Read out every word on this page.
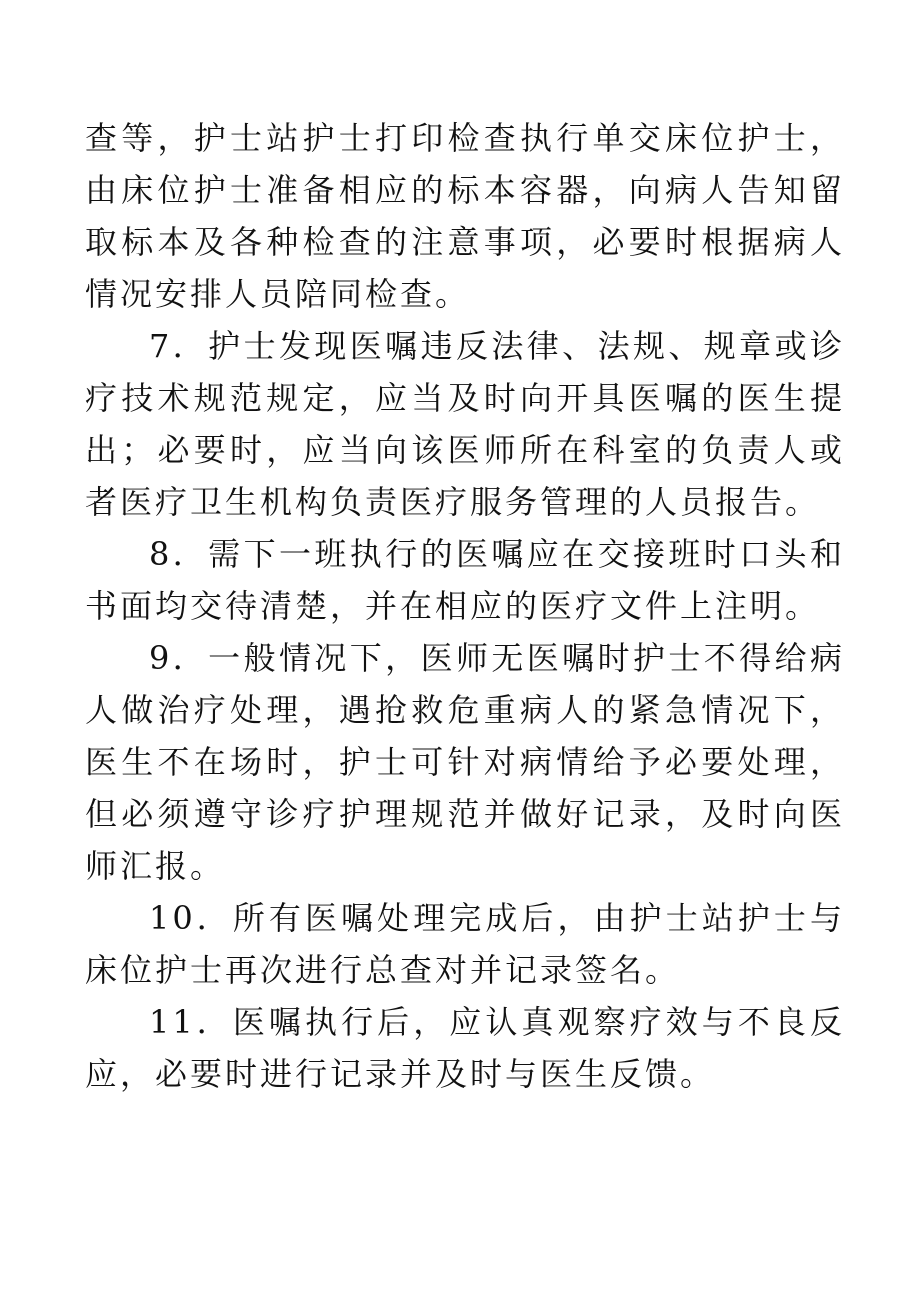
查等，护士站护士打印检查执行单交床位护士，由床位护士准备相应的标本容器，向病人告知留取标本及各种检查的注意事项，必要时根据病人情况安排人员陪同检查。

7．护士发现医嘱违反法律、法规、规章或诊疗技术规范规定，应当及时向开具医嘱的医生提出；必要时，应当向该医师所在科室的负责人或者医疗卫生机构负责医疗服务管理的人员报告。

8．需下一班执行的医嘱应在交接班时口头和书面均交待清楚，并在相应的医疗文件上注明。

9．一般情况下，医师无医嘱时护士不得给病人做治疗处理，遇抢救危重病人的紧急情况下，医生不在场时，护士可针对病情给予必要处理，但必须遵守诊疗护理规范并做好记录，及时向医师汇报。

10．所有医嘱处理完成后，由护士站护士与床位护士再次进行总查对并记录签名。

11．医嘱执行后，应认真观察疗效与不良反应，必要时进行记录并及时与医生反馈。
